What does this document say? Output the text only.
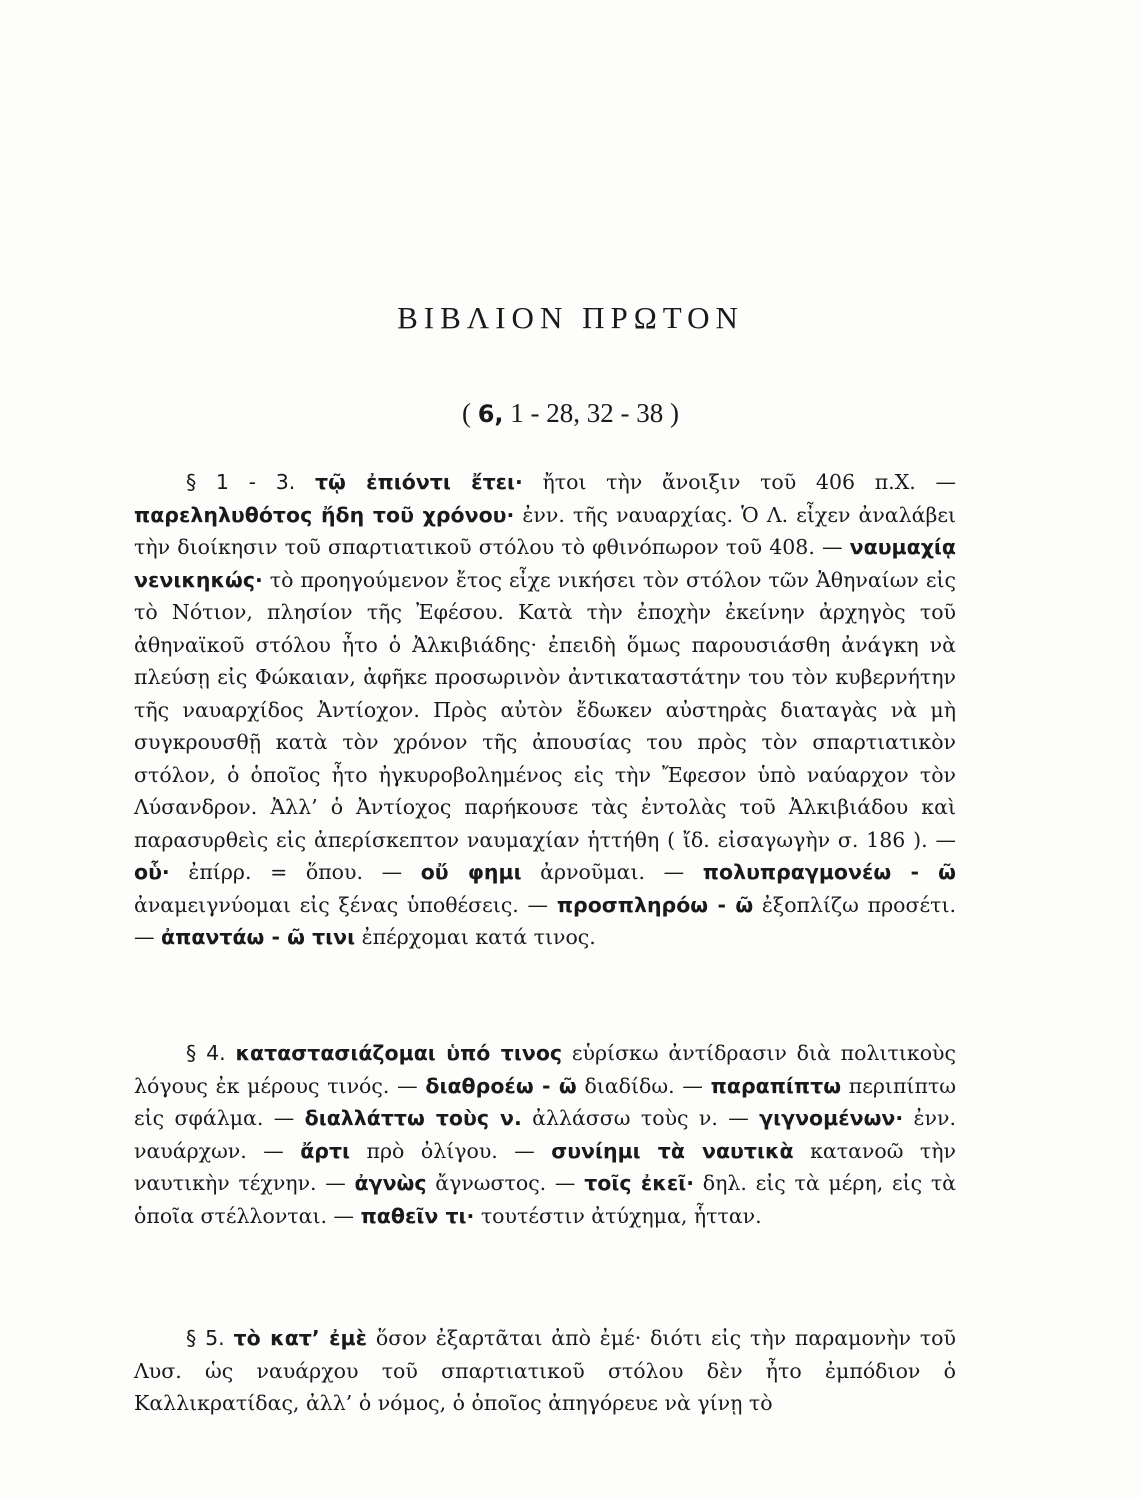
ΒΙΒΛΙΟΝ ΠΡΩΤΟΝ
( 6, 1 - 28, 32 - 38 )

§ 1 - 3. τῷ ἐπιόντι ἔτει· ἤτοι τὴν ἄνοιξιν τοῦ 406 π.Χ. — παρεληλυθότος ἤδη τοῦ χρόνου· ἐνν. τῆς ναυαρχίας. Ὁ Λ. εἶχεν ἀναλάβει τὴν διοίκησιν τοῦ σπαρτιατικοῦ στόλου τὸ φθινόπωρον τοῦ 408. — ναυμαχίᾳ νενικηκώς· τὸ προηγούμενον ἔτος εἶχε νικήσει τὸν στόλον τῶν Ἀθηναίων εἰς τὸ Νότιον, πλησίον τῆς Ἐφέσου. Κατὰ τὴν ἐποχὴν ἐκείνην ἀρχηγὸς τοῦ ἀθηναϊκοῦ στόλου ἦτο ὁ Ἀλκιβιάδης· ἐπειδὴ ὅμως παρουσιάσθη ἀνάγκη νὰ πλεύσῃ εἰς Φώκαιαν, ἀφῆκε προσωρινὸν ἀντικαταστάτην του τὸν κυβερνήτην τῆς ναυαρχίδος Ἀντίοχον. Πρὸς αὐτὸν ἔδωκεν αὐστηρὰς διαταγὰς νὰ μὴ συγκρουσθῇ κατὰ τὸν χρόνον τῆς ἀπουσίας του πρὸς τὸν σπαρτιατικὸν στόλον, ὁ ὁποῖος ἦτο ἠγκυροβολημένος εἰς τὴν Ἔφεσον ὑπὸ ναύαρχον τὸν Λύσανδρον. Ἀλλ’ ὁ Ἀντίοχος παρήκουσε τὰς ἐντολὰς τοῦ Ἀλκιβιάδου καὶ παρασυρθεὶς εἰς ἀπερίσκεπτον ναυμαχίαν ἡττήθη ( ἴδ. εἰσαγωγὴν σ. 186 ). — οὗ· ἐπίρρ. = ὅπου. — οὔ φημι ἀρνοῦμαι. — πολυπραγμονέω - ῶ ἀναμειγνύομαι εἰς ξένας ὑποθέσεις. — προσπληρόω - ῶ ἐξοπλίζω προσέτι. — ἀπαντάω - ῶ τινι ἐπέρχομαι κατά τινος.

§ 4. καταστασιάζομαι ὑπό τινος εὑρίσκω ἀντίδρασιν διὰ πολιτικοὺς λόγους ἐκ μέρους τινός. — διαθροέω - ῶ διαδίδω. — παραπίπτω περιπίπτω εἰς σφάλμα. — διαλλάττω τοὺς ν. ἀλλάσσω τοὺς ν. — γιγνομένων· ἐνν. ναυάρχων. — ἄρτι πρὸ ὀλίγου. — συνίημι τὰ ναυτικὰ κατανοῶ τὴν ναυτικὴν τέχνην. — ἀγνὼς ἄγνωστος. — τοῖς ἐκεῖ· δηλ. εἰς τὰ μέρη, εἰς τὰ ὁποῖα στέλλονται. — παθεῖν τι· τουτέστιν ἀτύχημα, ἧτταν.

§ 5. τὸ κατ’ ἐμὲ ὅσον ἐξαρτᾶται ἀπὸ ἐμέ· διότι εἰς τὴν παραμονὴν τοῦ Λυσ. ὡς ναυάρχου τοῦ σπαρτιατικοῦ στόλου δὲν ἦτο ἐμπόδιον ὁ Καλλικρατίδας, ἀλλ’ ὁ νόμος, ὁ ὁποῖος ἀπηγόρευε νὰ γίνῃ τὸ
